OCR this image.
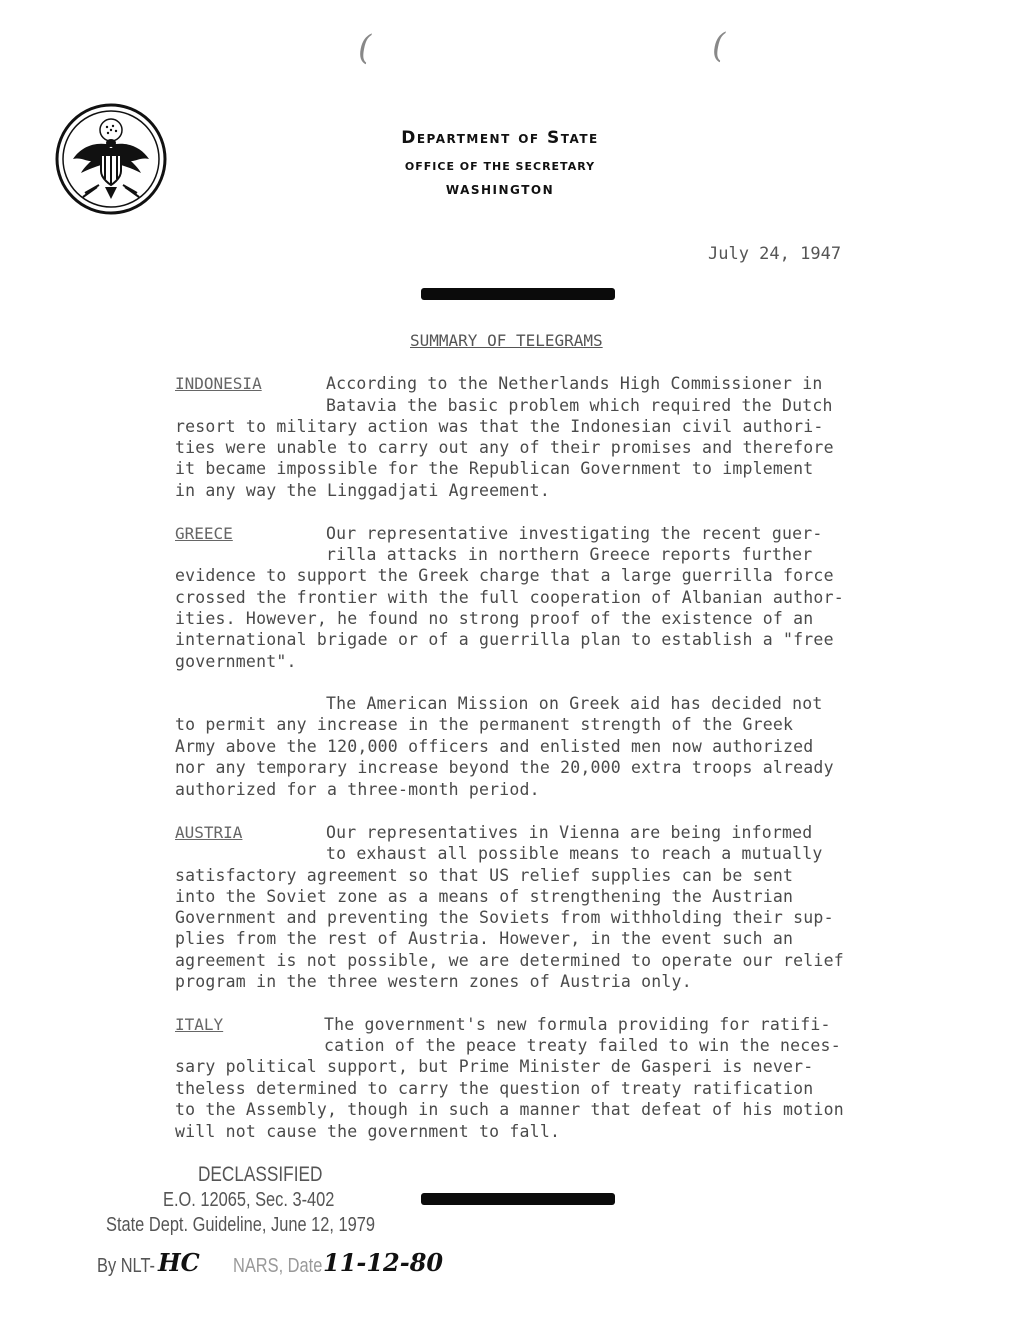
Department of State
OFFICE OF THE SECRETARY
WASHINGTON
(	(
July 24, 1947
SUMMARY OF TELEGRAMS
INDONESIA	According to the Netherlands High Commissioner in
Batavia the basic problem which required the Dutch
resort to military action was that the Indonesian civil authori-
ties were unable to carry out any of their promises and therefore
it became impossible for the Republican Government to implement
in any way the Linggadjati Agreement.
GREECE	Our representative investigating the recent guer-
rilla attacks in northern Greece reports further
evidence to support the Greek charge that a large guerrilla force
crossed the frontier with the full cooperation of Albanian author-
ities. However, he found no strong proof of the existence of an
international brigade or of a guerrilla plan to establish a "free
government".
The American Mission on Greek aid has decided not
to permit any increase in the permanent strength of the Greek
Army above the 120,000 officers and enlisted men now authorized
nor any temporary increase beyond the 20,000 extra troops already
authorized for a three-month period.
AUSTRIA	Our representatives in Vienna are being informed
to exhaust all possible means to reach a mutually
satisfactory agreement so that US relief supplies can be sent
into the Soviet zone as a means of strengthening the Austrian
Government and preventing the Soviets from withholding their sup-
plies from the rest of Austria. However, in the event such an
agreement is not possible, we are determined to operate our relief
program in the three western zones of Austria only.
ITALY	The government's new formula providing for ratifi-
cation of the peace treaty failed to win the neces-
sary political support, but Prime Minister de Gasperi is never-
theless determined to carry the question of treaty ratification
to the Assembly, though in such a manner that defeat of his motion
will not cause the government to fall.
DECLASSIFIED
E.O. 12065, Sec. 3-402
State Dept. Guideline, June 12, 1979
By NLT- HC NARS, Date 11-12-80
